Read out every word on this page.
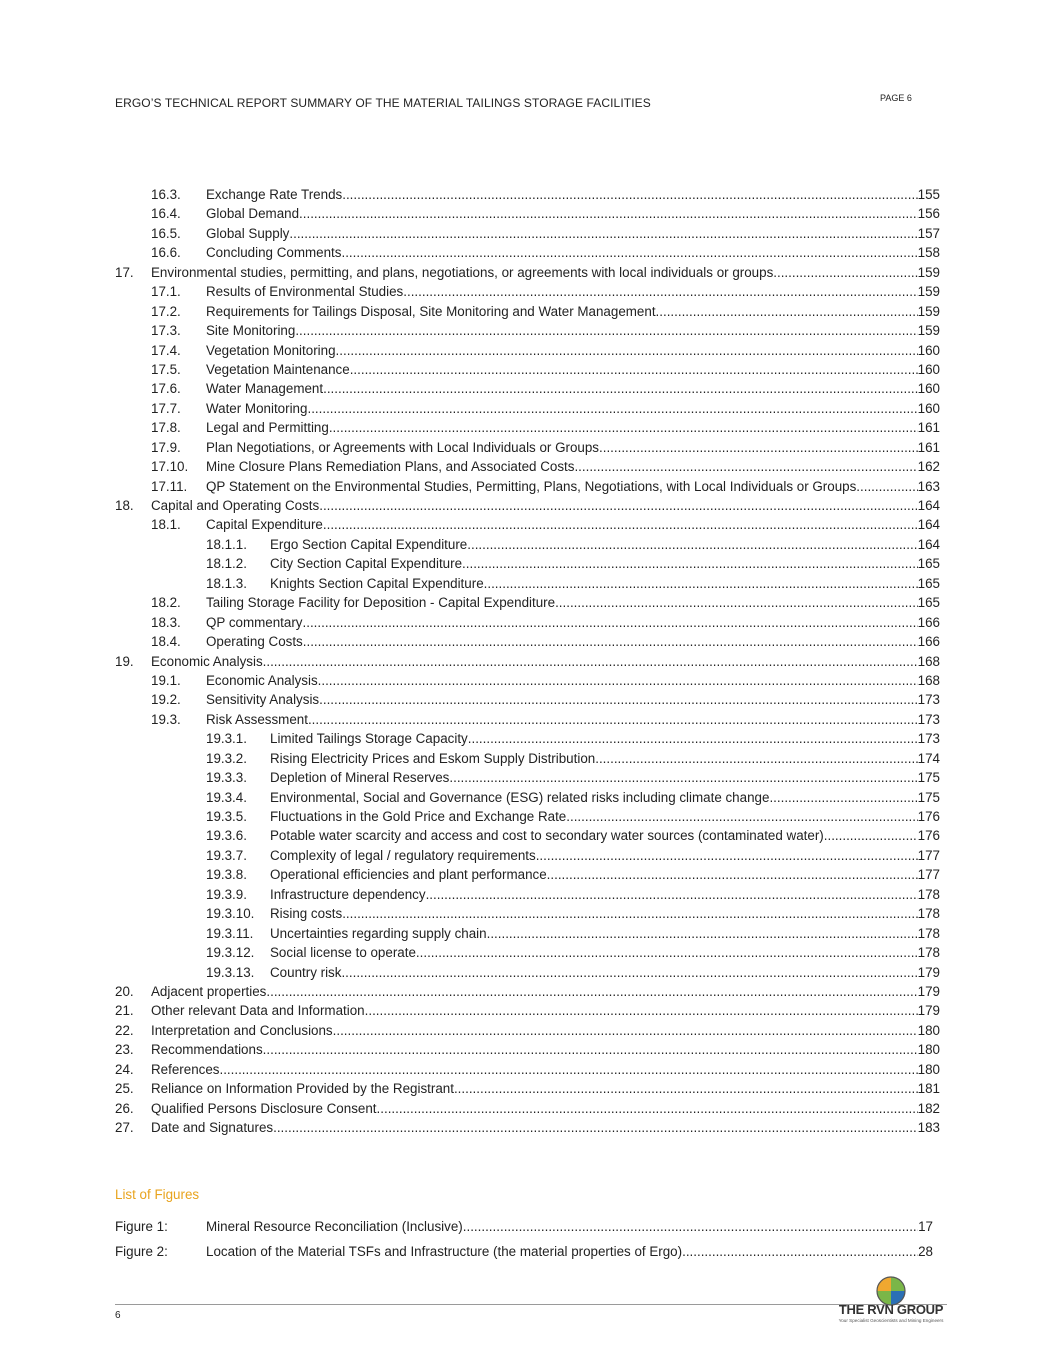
ERGO’S TECHNICAL REPORT SUMMARY OF THE MATERIAL TAILINGS STORAGE FACILITIES	PAGE 6
16.3. Exchange Rate Trends .....	155
16.4. Global Demand .....	156
16.5. Global Supply .....	157
16.6. Concluding Comments .....	158
17. Environmental studies, permitting, and plans, negotiations, or agreements with local individuals or groups .....	159
17.1. Results of Environmental Studies .....	159
17.2. Requirements for Tailings Disposal, Site Monitoring and Water Management .....	159
17.3. Site Monitoring .....	159
17.4. Vegetation Monitoring .....	160
17.5. Vegetation Maintenance .....	160
17.6. Water Management .....	160
17.7. Water Monitoring .....	160
17.8. Legal and Permitting .....	161
17.9. Plan Negotiations, or Agreements with Local Individuals or Groups .....	161
17.10. Mine Closure Plans Remediation Plans, and Associated Costs .....	162
17.11. QP Statement on the Environmental Studies, Permitting, Plans, Negotiations, with Local Individuals or Groups .....	163
18. Capital and Operating Costs .....	164
18.1. Capital Expenditure .....	164
18.1.1. Ergo Section Capital Expenditure .....	164
18.1.2. City Section Capital Expenditure .....	165
18.1.3. Knights Section Capital Expenditure .....	165
18.2. Tailing Storage Facility for Deposition - Capital Expenditure .....	165
18.3. QP commentary .....	166
18.4. Operating Costs .....	166
19. Economic Analysis .....	168
19.1. Economic Analysis .....	168
19.2. Sensitivity Analysis .....	173
19.3. Risk Assessment .....	173
19.3.1. Limited Tailings Storage Capacity .....	173
19.3.2. Rising Electricity Prices and Eskom Supply Distribution .....	174
19.3.3. Depletion of Mineral Reserves .....	175
19.3.4. Environmental, Social and Governance (ESG) related risks including climate change .....	175
19.3.5. Fluctuations in the Gold Price and Exchange Rate .....	176
19.3.6. Potable water scarcity and access and cost to secondary water sources (contaminated water) .....	176
19.3.7. Complexity of legal / regulatory requirements .....	177
19.3.8. Operational efficiencies and plant performance .....	177
19.3.9. Infrastructure dependency .....	178
19.3.10. Rising costs .....	178
19.3.11. Uncertainties regarding supply chain .....	178
19.3.12. Social license to operate .....	178
19.3.13. Country risk .....	179
20. Adjacent properties .....	179
21. Other relevant Data and Information .....	179
22. Interpretation and Conclusions .....	180
23. Recommendations .....	180
24. References .....	180
25. Reliance on Information Provided by the Registrant .....	181
26. Qualified Persons Disclosure Consent .....	182
27. Date and Signatures .....	183
List of Figures
Figure 1:	Mineral Resource Reconciliation (Inclusive) .....	17
Figure 2:	Location of the Material TSFs and Infrastructure (the material properties of Ergo) .....	28
6	THE RVN GROUP
Your Specialist Geoscientists and Mining Engineers
